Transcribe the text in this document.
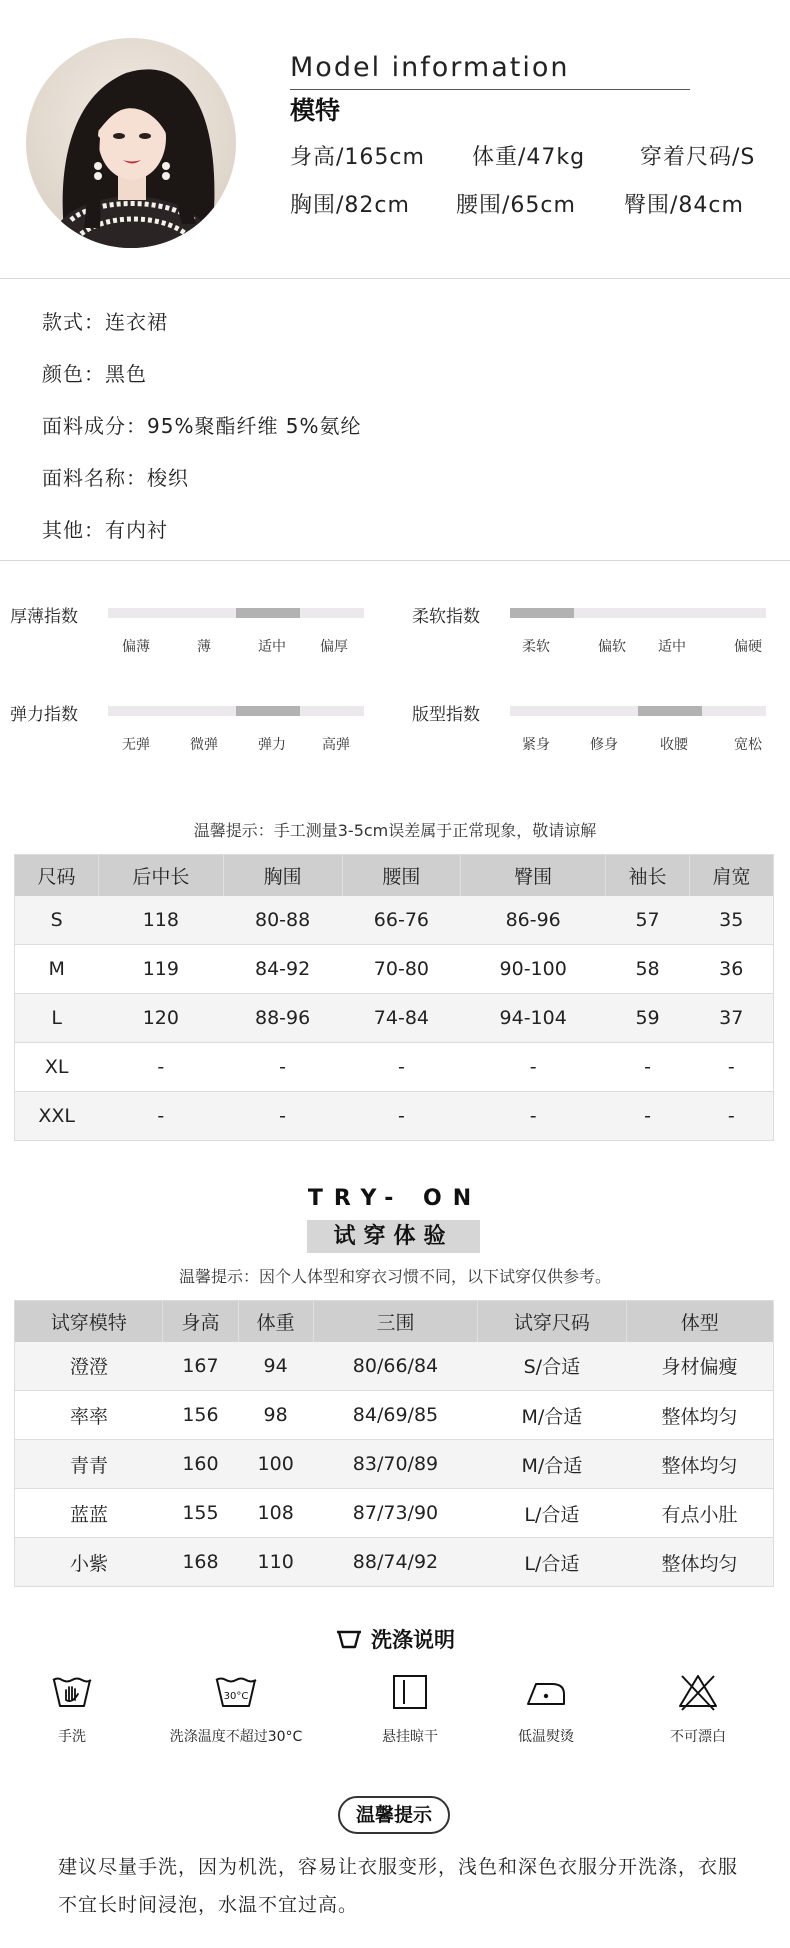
Model information
模特
身高/165cm 体重/47kg 穿着尺码/S
胸围/82cm 腰围/65cm 臀围/84cm
款式：连衣裙
颜色：黑色
面料成分：95%聚酯纤维 5%氨纶
面料名称：梭织
其他：有内衬
厚薄指数
偏薄	薄	适中 偏厚
柔软指数
柔软	偏软 适中	偏硬
弹力指数
无弹	微弹	弹力	高弹
版型指数
紧身	修身	收腰	宽松
温馨提示：手工测量3-5cm误差属于正常现象，敬请谅解
尺码	后中长	胸围	腰围	臀围	袖长	肩宽
S	118	80-88	66-76	86-96	57	35
M	119	84-92	70-80	90-100	58	36
L	120	88-96	74-84	94-104	59	37
XL	-	-	-	-	-	-
XXL	-	-	-	-	-	-
TRY- ON
试穿体验
温馨提示：因个人体型和穿衣习惯不同，以下试穿仅供参考。
试穿模特	身高	体重	三围	试穿尺码	体型
澄澄	167	94	80/66/84	S/合适	身材偏瘦
率率	156	98	84/69/85	M/合适	整体均匀
青青	160	100	83/70/89	M/合适	整体均匀
蓝蓝	155	108	87/73/90	L/合适	有点小肚
小紫	168	110	88/74/92	L/合适	整体均匀
洗涤说明
手洗
30°C
洗涤温度不超过30°C	悬挂晾干	低温熨烫	不可漂白
温馨提示
建议尽量手洗，因为机洗，容易让衣服变形，浅色和深色衣服分开洗涤，衣服不宜长时间浸泡，水温不宜过高。
